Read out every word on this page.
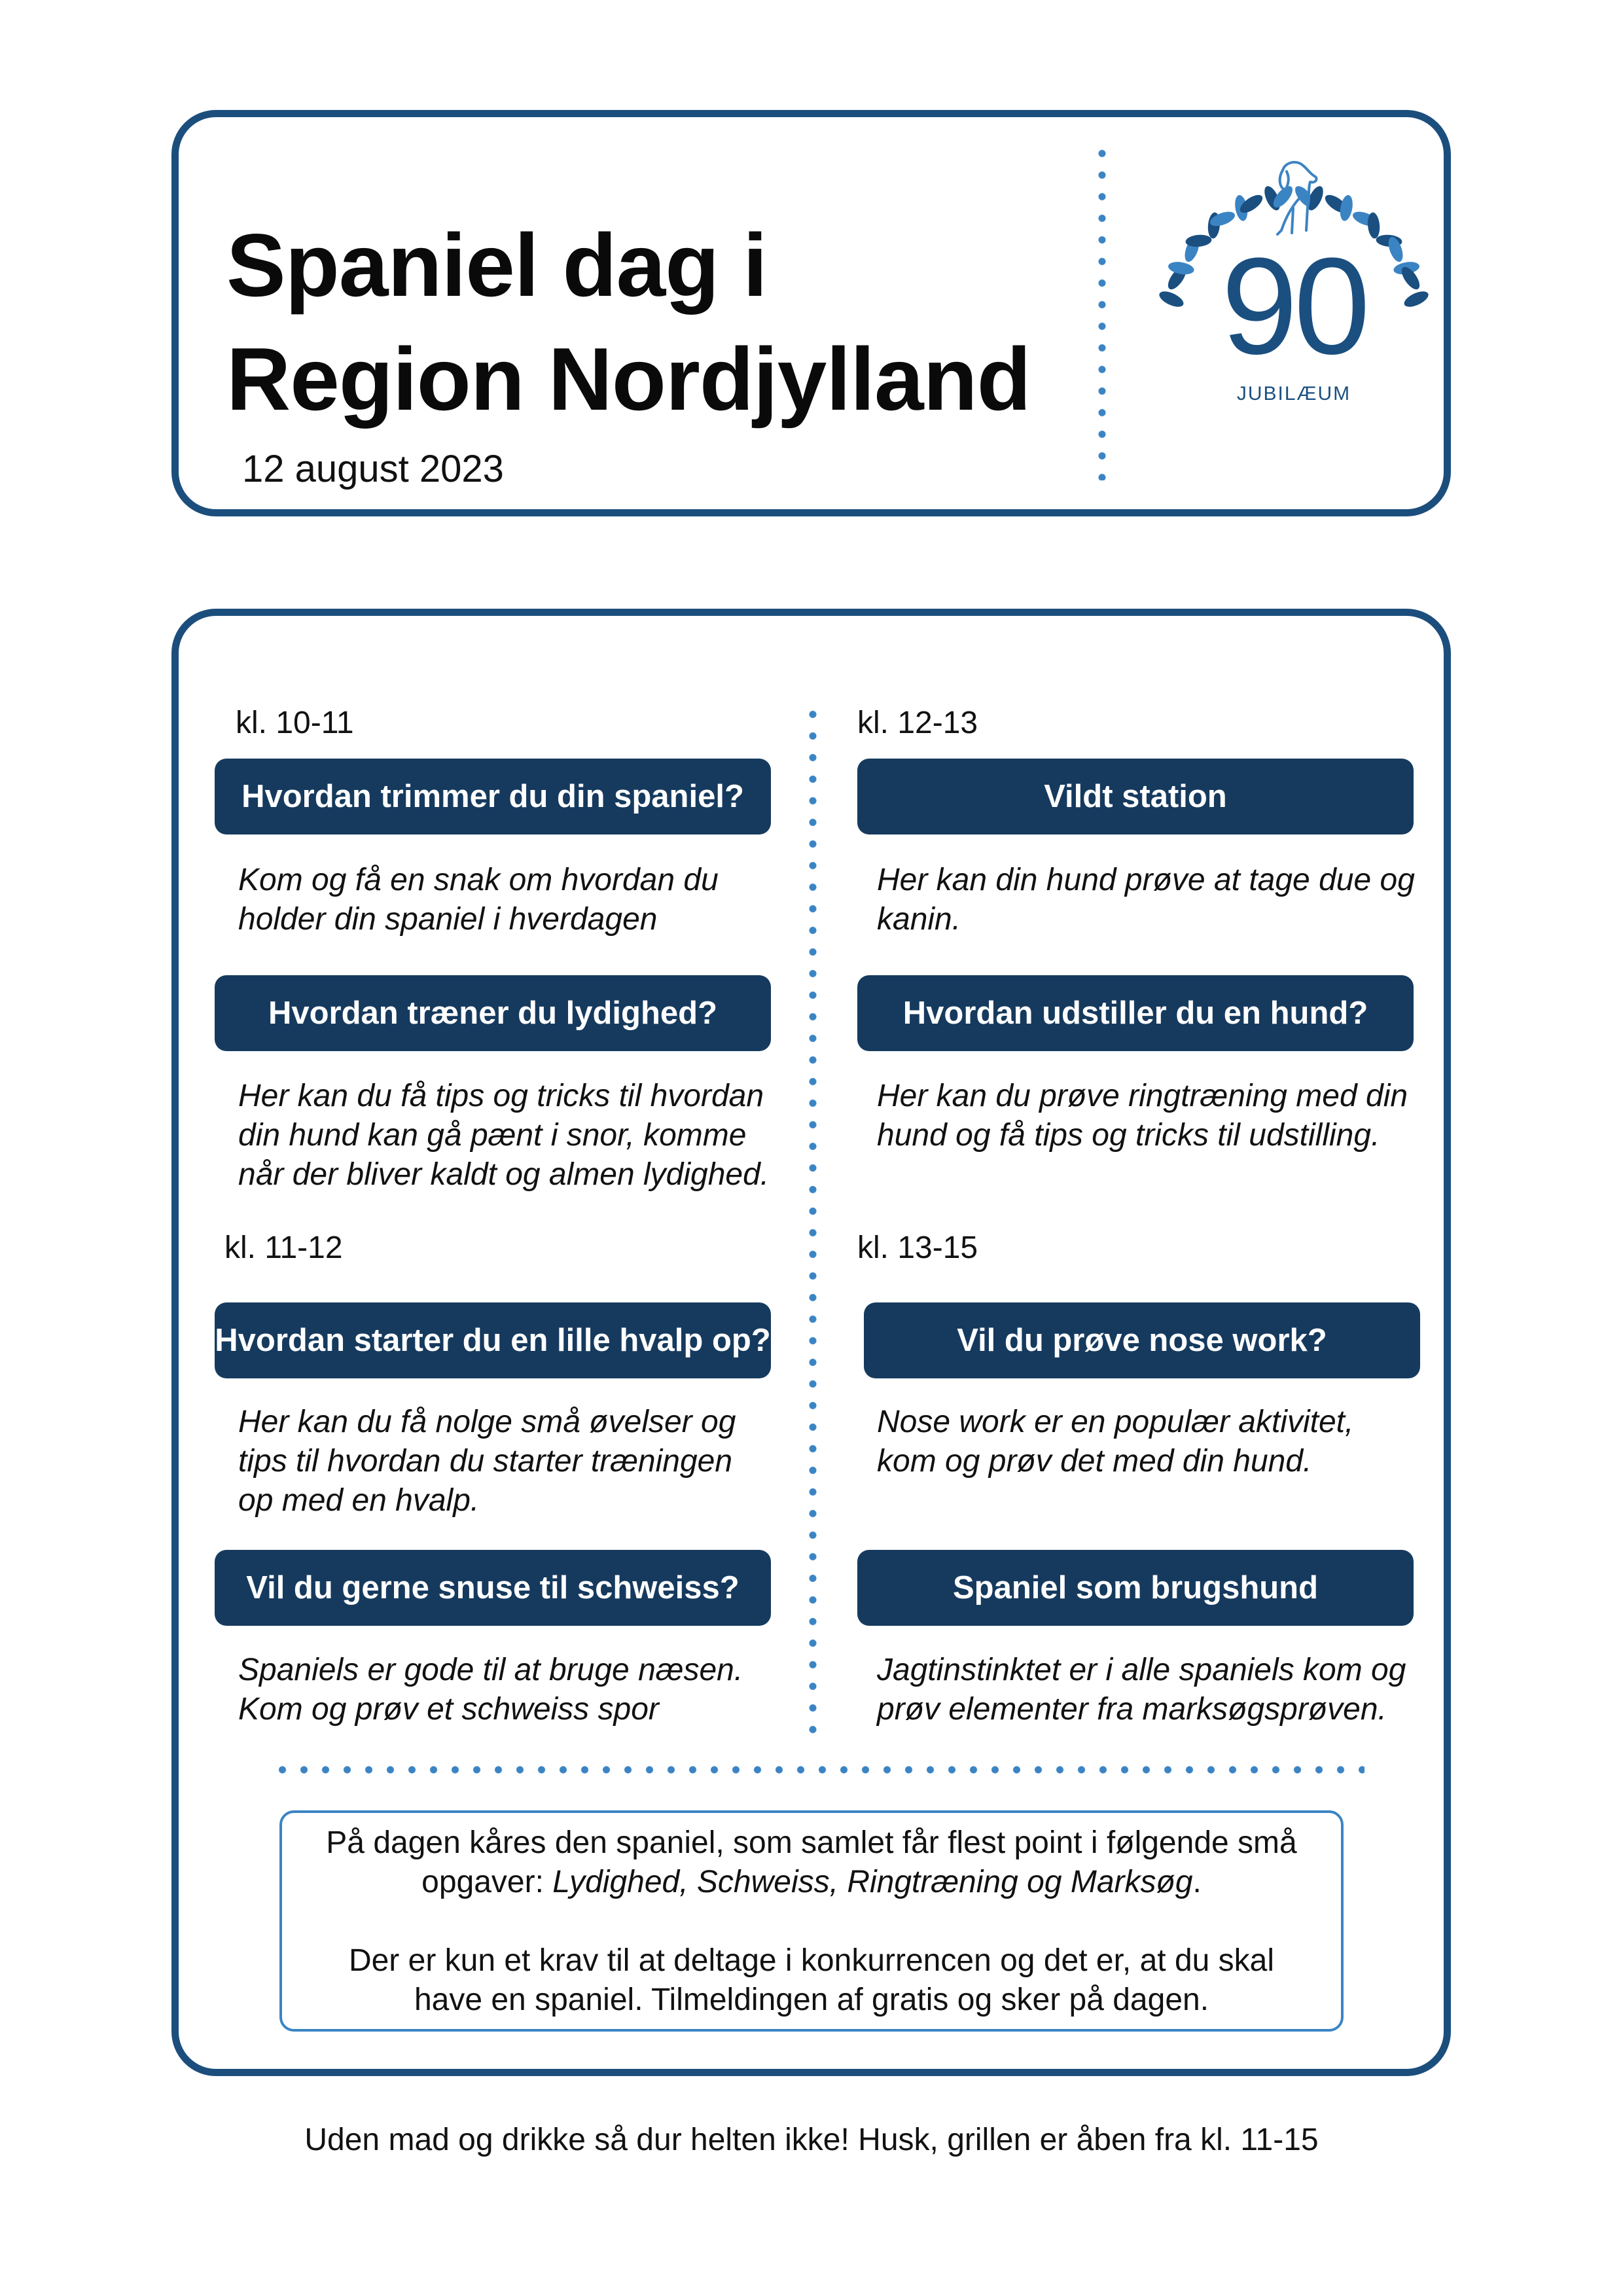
Spaniel dag i
Region Nordjylland
12 august 2023
90
JUBILÆUM
kl. 10-11
Hvordan trimmer du din spaniel?
Kom og få en snak om hvordan du
holder din spaniel i hverdagen
Hvordan træner du lydighed?
Her kan du få tips og tricks til hvordan
din hund kan gå pænt i snor, komme
når der bliver kaldt og almen lydighed.
kl. 11-12
Hvordan starter du en lille hvalp op?
Her kan du få nolge små øvelser og
tips til hvordan du starter træningen
op med en hvalp.
Vil du gerne snuse til schweiss?
Spaniels er gode til at bruge næsen.
Kom og prøv et schweiss spor
kl. 12-13
Vildt station
Her kan din hund prøve at tage due og
kanin.
Hvordan udstiller du en hund?
Her kan du prøve ringtræning med din
hund og få tips og tricks til udstilling.
kl. 13-15
Vil du prøve nose work?
Nose work er en populær aktivitet,
kom og prøv det med din hund.
Spaniel som brugshund
Jagtinstinktet er i alle spaniels kom og
prøv elementer fra marksøgsprøven.

På dagen kåres den spaniel, som samlet får flest point i følgende små

opgaver: Lydighed, Schweiss, Ringtræning og Marksøg.

Der er kun et krav til at deltage i konkurrencen og det er, at du skal

have en spaniel. Tilmeldingen af gratis og sker på dagen.

Uden mad og drikke så dur helten ikke! Husk, grillen er åben fra kl. 11-15
